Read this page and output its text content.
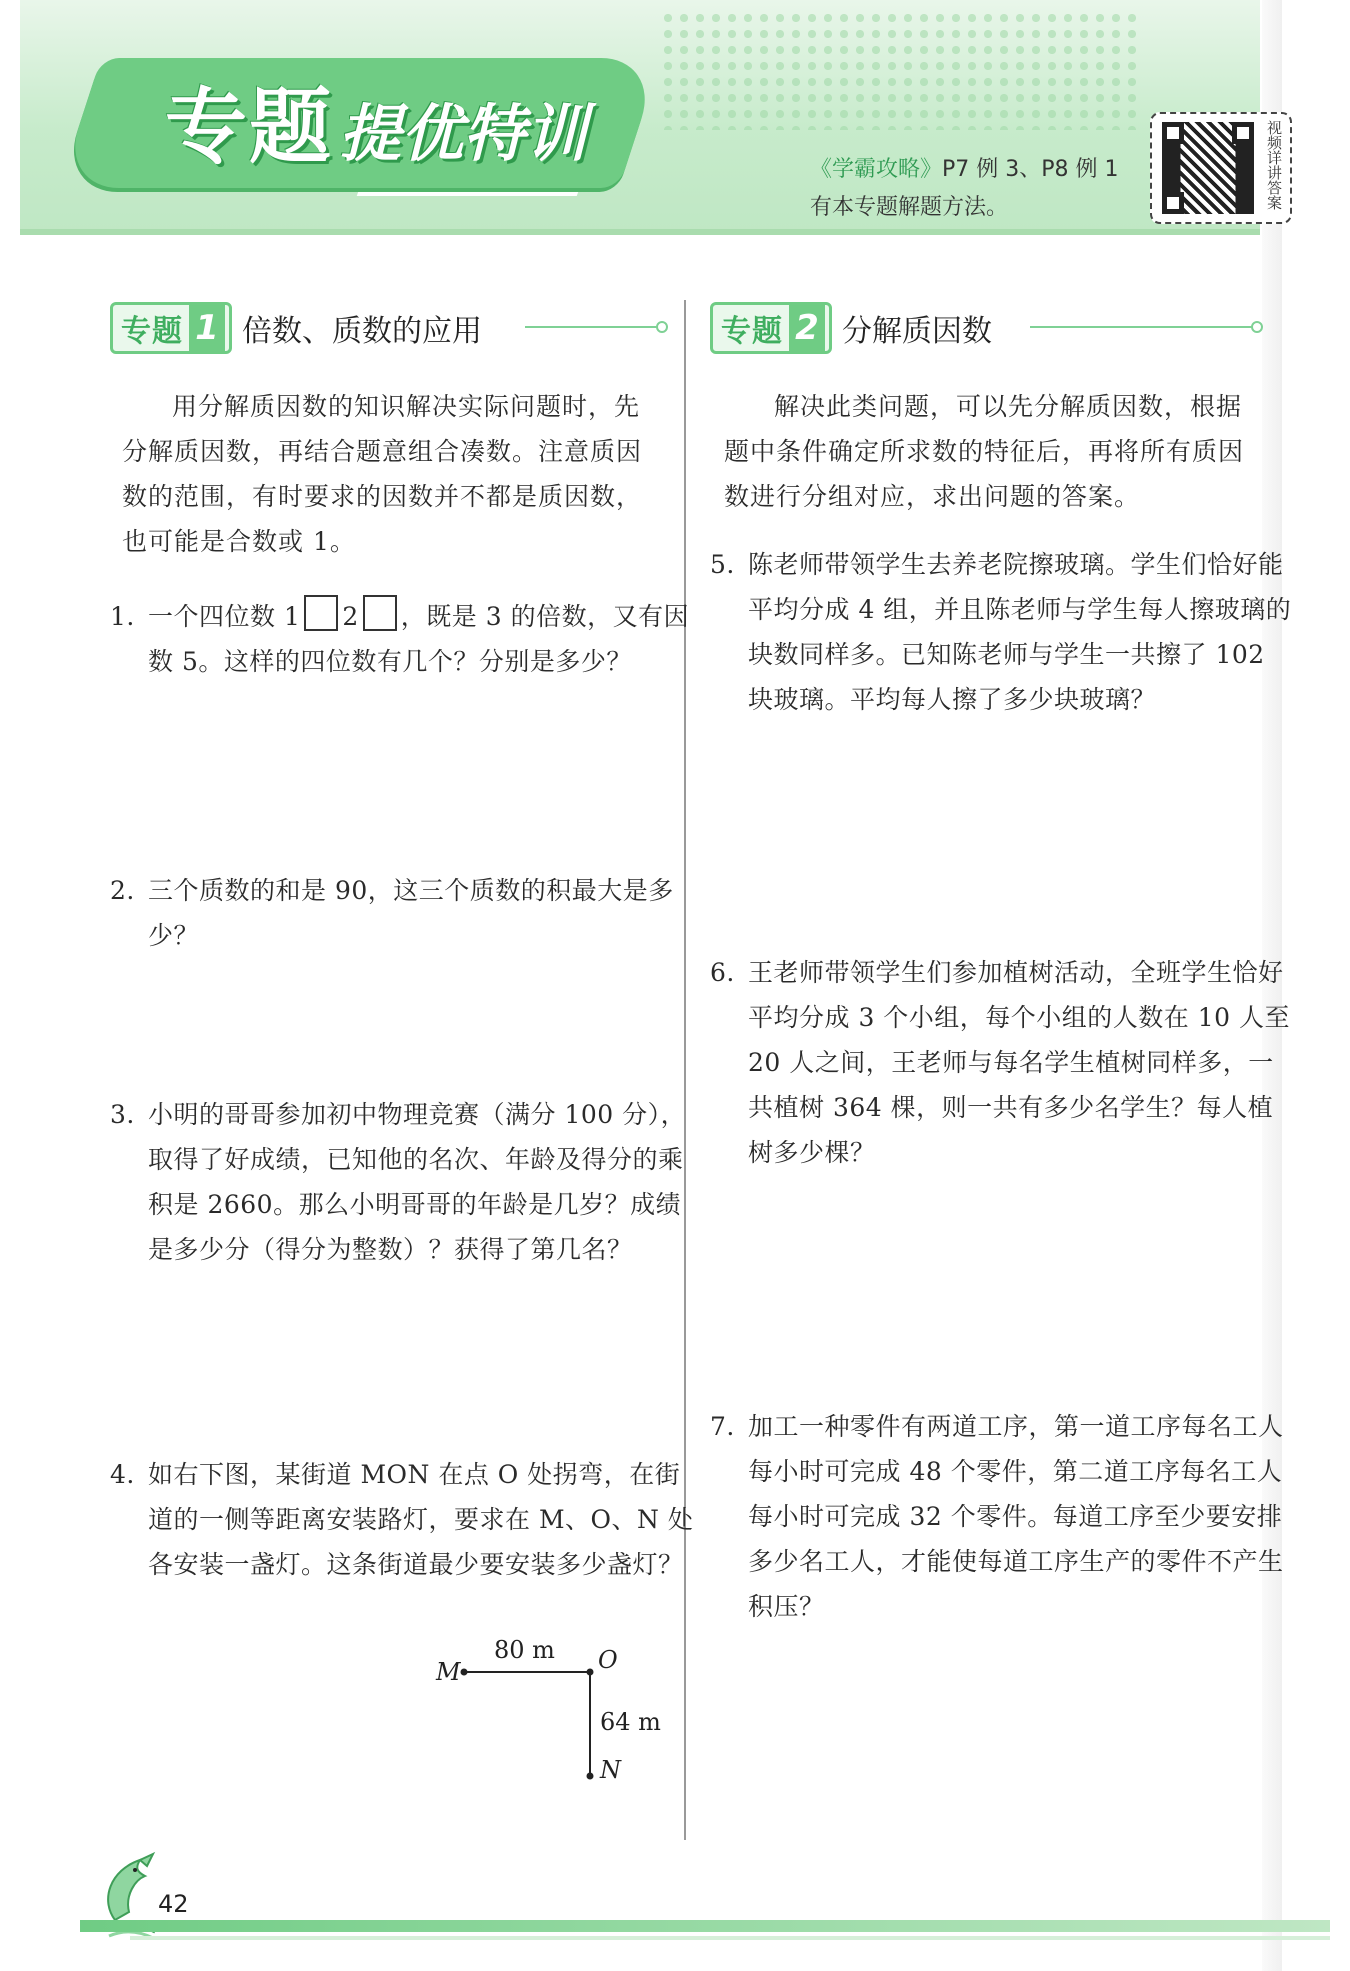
专题提优特训	《学霸攻略》P7 例 3、P8 例 1
有本专题解题方法。	视频详讲答案
专题 1 倍数、质数的应用
用分解质因数的知识解决实际问题时，先分解质因数，再结合题意组合凑数。注意质因数的范围，有时要求的因数并不都是质因数，也可能是合数或 1。
1. 一个四位数 1 2 ，既是 3 的倍数，又有因数 5。这样的四位数有几个？分别是多少？
2. 三个质数的和是 90，这三个质数的积最大是多少？
3. 小明的哥哥参加初中物理竞赛（满分 100 分），取得了好成绩，已知他的名次、年龄及得分的乘积是 2660。那么小明哥哥的年龄是几岁？成绩是多少分（得分为整数）？获得了第几名？
4. 如右下图，某街道 MON 在点 O 处拐弯，在街道的一侧等距离安装路灯，要求在 M、O、N 处各安装一盏灯。这条街道最少要安装多少盏灯？
M
80 m O
64 m
N
专题 2 分解质因数
解决此类问题，可以先分解质因数，根据题中条件确定所求数的特征后，再将所有质因数进行分组对应，求出问题的答案。
5. 陈老师带领学生去养老院擦玻璃。学生们恰好能平均分成 4 组，并且陈老师与学生每人擦玻璃的块数同样多。已知陈老师与学生一共擦了 102 块玻璃。平均每人擦了多少块玻璃？
6. 王老师带领学生们参加植树活动，全班学生恰好平均分成 3 个小组，每个小组的人数在 10 人至 20 人之间，王老师与每名学生植树同样多，一共植树 364 棵，则一共有多少名学生？每人植树多少棵？
7. 加工一种零件有两道工序，第一道工序每名工人每小时可完成 48 个零件，第二道工序每名工人每小时可完成 32 个零件。每道工序至少要安排多少名工人，才能使每道工序生产的零件不产生积压？
42
